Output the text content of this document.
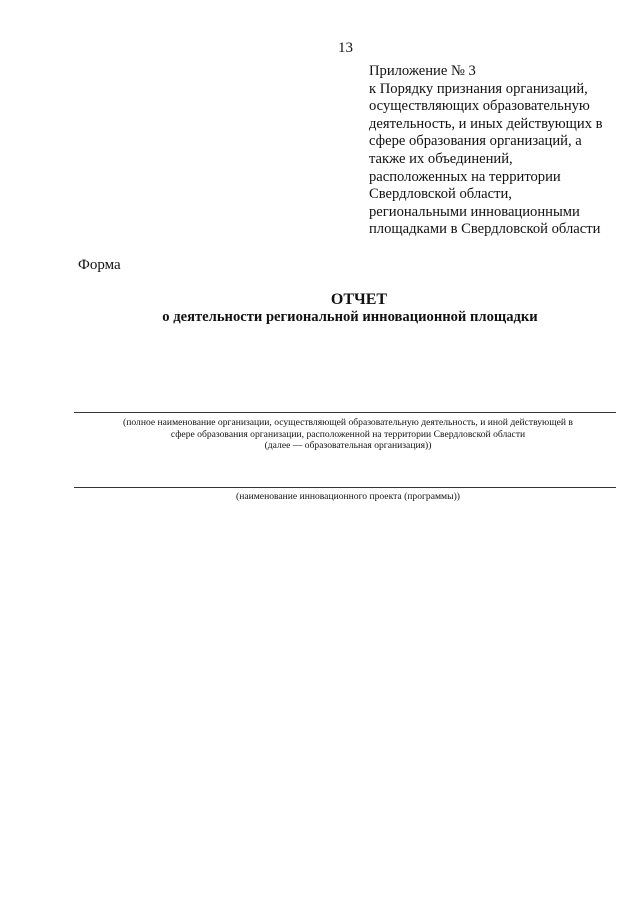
13
Приложение № 3
к Порядку признания организаций,
осуществляющих образовательную
деятельность, и иных действующих в
сфере образования организаций, а
также их объединений,
расположенных на территории
Свердловской области,
региональными инновационными
площадками в Свердловской области
Форма
ОТЧЕТ
о деятельности региональной инновационной площадки
(полное наименование организации, осуществляющей образовательную деятельность, и иной действующей в
сфере образования организации, расположенной на территории Свердловской области
(далее — образовательная организация))
(наименование инновационного проекта (программы))
